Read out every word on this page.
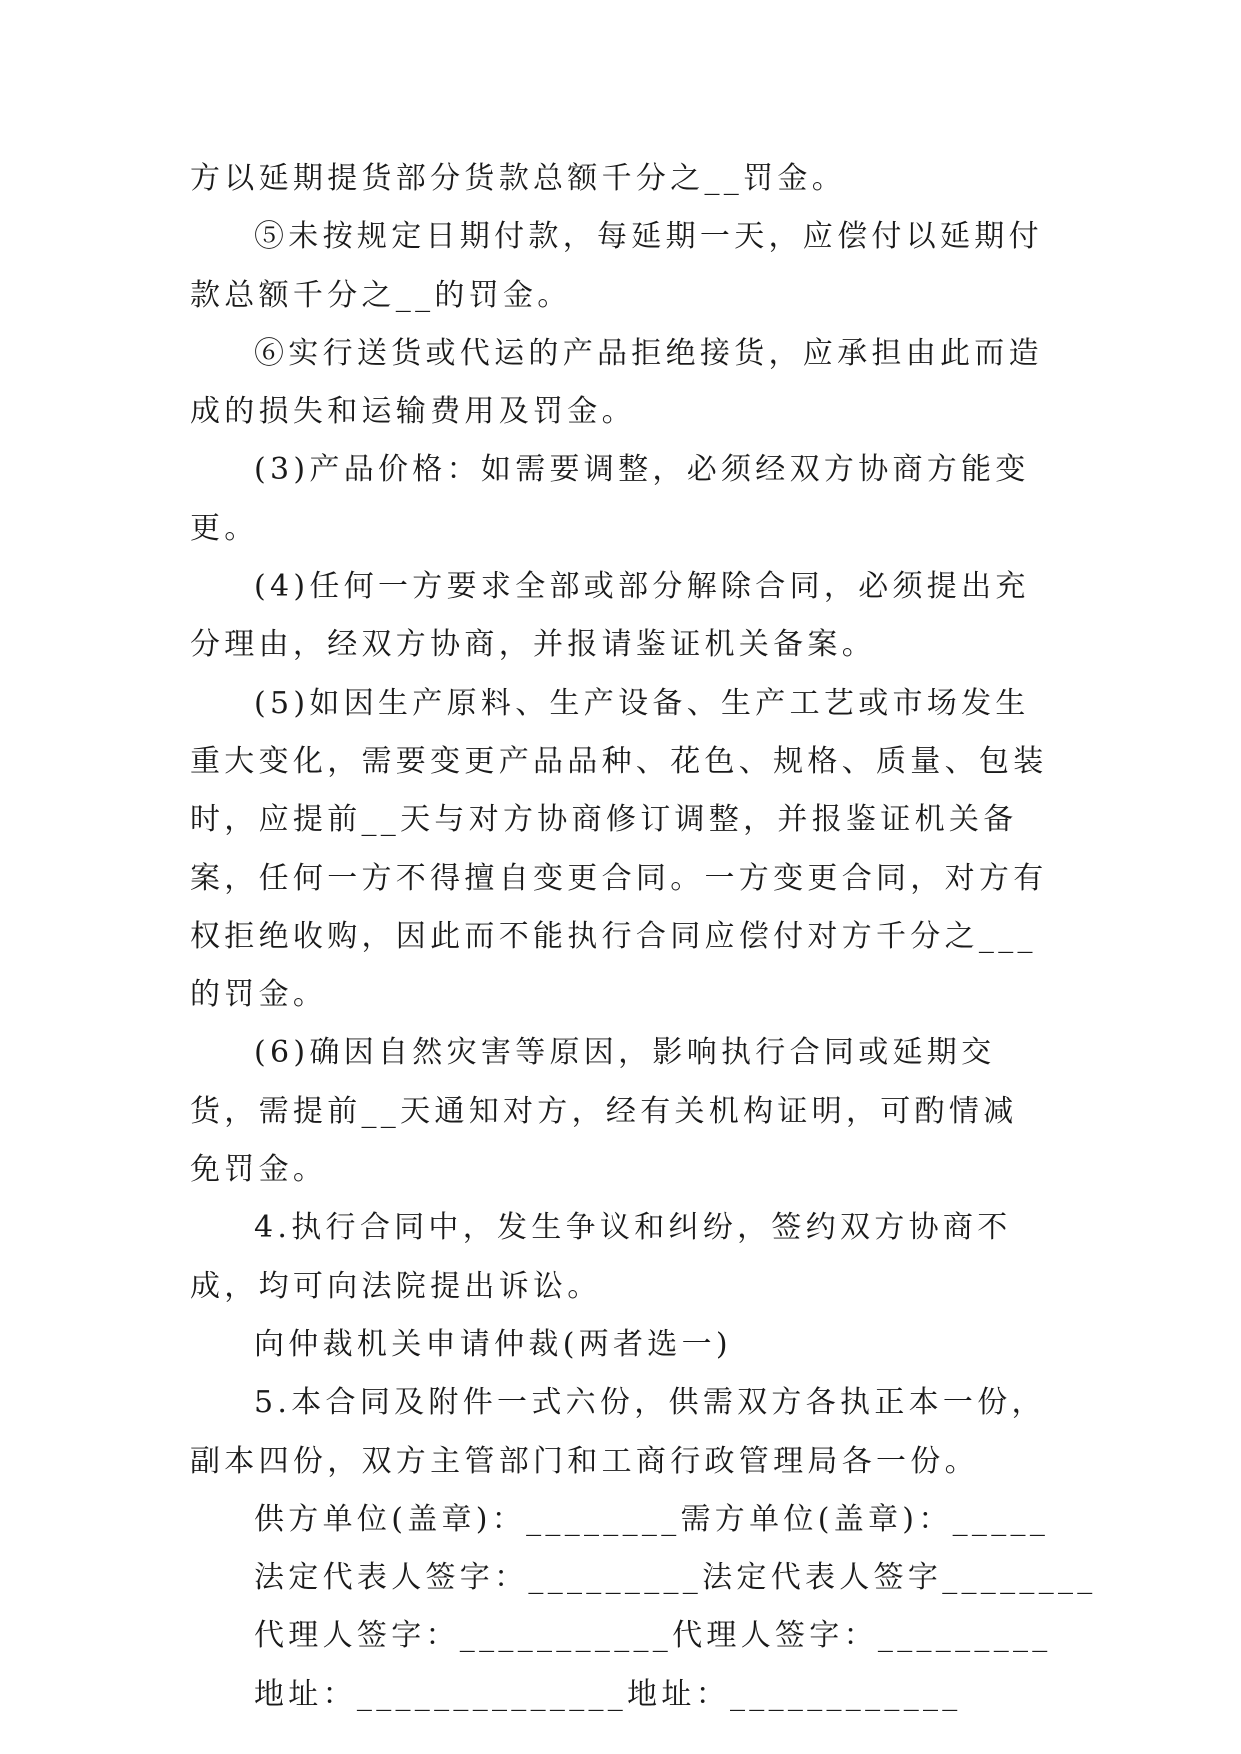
方以延期提货部分货款总额千分之__罚金。

⑤未按规定日期付款，每延期一天，应偿付以延期付款总额千分之__的罚金。

⑥实行送货或代运的产品拒绝接货，应承担由此而造成的损失和运输费用及罚金。

(3)产品价格：如需要调整，必须经双方协商方能变更。

(4)任何一方要求全部或部分解除合同，必须提出充分理由，经双方协商，并报请鉴证机关备案。

(5)如因生产原料、生产设备、生产工艺或市场发生重大变化，需要变更产品品种、花色、规格、质量、包装时，应提前__天与对方协商修订调整，并报鉴证机关备案，任何一方不得擅自变更合同。一方变更合同，对方有权拒绝收购，因此而不能执行合同应偿付对方千分之___的罚金。

(6)确因自然灾害等原因，影响执行合同或延期交货，需提前__天通知对方，经有关机构证明，可酌情减免罚金。

4.执行合同中，发生争议和纠纷，签约双方协商不成，均可向法院提出诉讼。

向仲裁机关申请仲裁(两者选一)

5.本合同及附件一式六份，供需双方各执正本一份，副本四份，双方主管部门和工商行政管理局各一份。

供方单位(盖章)：________需方单位(盖章)：_____

法定代表人签字：_________法定代表人签字________

代理人签字：___________代理人签字：_________

地址：______________地址：____________
